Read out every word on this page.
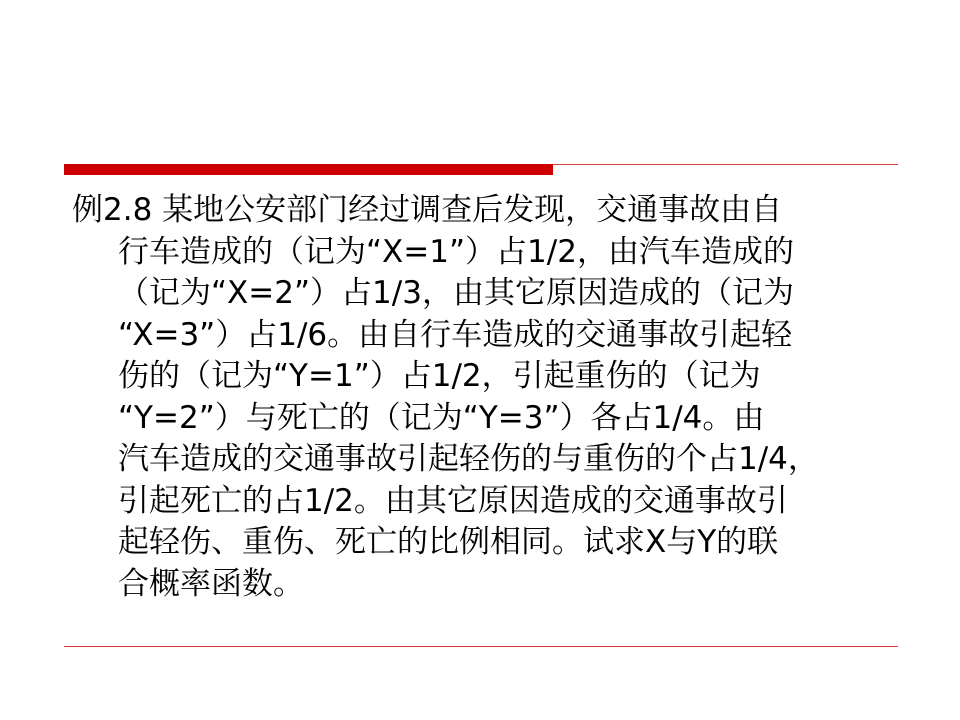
例2.8 某地公安部门经过调查后发现，交通事故由自
行车造成的（记为“X=1”）占1/2，由汽车造成的
（记为“X=2”）占1/3，由其它原因造成的（记为
“X=3”）占1/6。由自行车造成的交通事故引起轻
伤的（记为“Y=1”）占1/2，引起重伤的（记为
“Y=2”）与死亡的（记为“Y=3”）各占1/4。由
汽车造成的交通事故引起轻伤的与重伤的个占1/4，
引起死亡的占1/2。由其它原因造成的交通事故引
起轻伤、重伤、死亡的比例相同。试求X与Y的联
合概率函数。
